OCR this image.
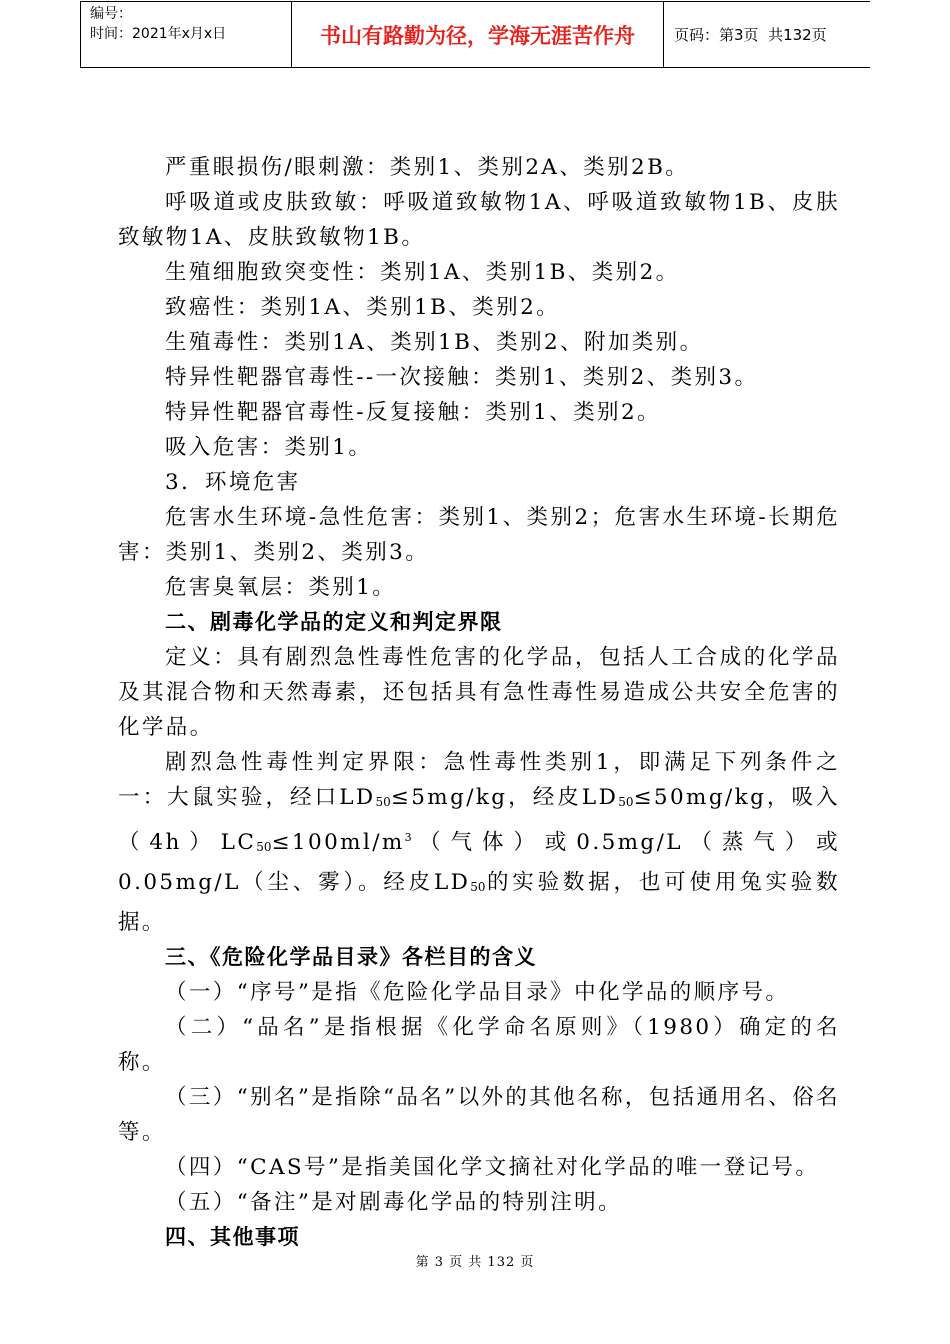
编号：
时间：2021年x月x日	书山有路勤为径，学海无涯苦作舟	页码：第3页  共132页

严重眼损伤/眼刺激：类别1、类别2A、类别2B。

呼吸道或皮肤致敏：呼吸道致敏物1A、呼吸道致敏物1B、皮肤致敏物1A、皮肤致敏物1B。

生殖细胞致突变性：类别1A、类别1B、类别2。

致癌性：类别1A、类别1B、类别2。

生殖毒性：类别1A、类别1B、类别2、附加类别。

特异性靶器官毒性--一次接触：类别1、类别2、类别3。

特异性靶器官毒性-反复接触：类别1、类别2。

吸入危害：类别1。

3．环境危害

危害水生环境-急性危害：类别1、类别2；危害水生环境-长期危害：类别1、类别2、类别3。

危害臭氧层：类别1。

二、剧毒化学品的定义和判定界限

定义：具有剧烈急性毒性危害的化学品，包括人工合成的化学品及其混合物和天然毒素，还包括具有急性毒性易造成公共安全危害的化学品。

剧烈急性毒性判定界限：急性毒性类别1，即满足下列条件之一：大鼠实验，经口$LD_{50}\le 5mg/kg$，经皮$LD_{50}\le 50mg/kg$，吸入$(4h)LC_{50}\le 100ml/m^3$（气体）或0.5mg/L（蒸气）或0.05mg/L（尘、雾）。经皮$LD_{50}$的实验数据，也可使用兔实验数据。

三、《危险化学品目录》各栏目的含义

（一）“序号”是指《危险化学品目录》中化学品的顺序号。

（二）“品名”是指根据《化学命名原则》（1980）确定的名称。

（三）“别名”是指除“品名”以外的其他名称，包括通用名、俗名等。

（四）“CAS号”是指美国化学文摘社对化学品的唯一登记号。

（五）“备注”是对剧毒化学品的特别注明。

四、其他事项

第 3 页 共 132 页
